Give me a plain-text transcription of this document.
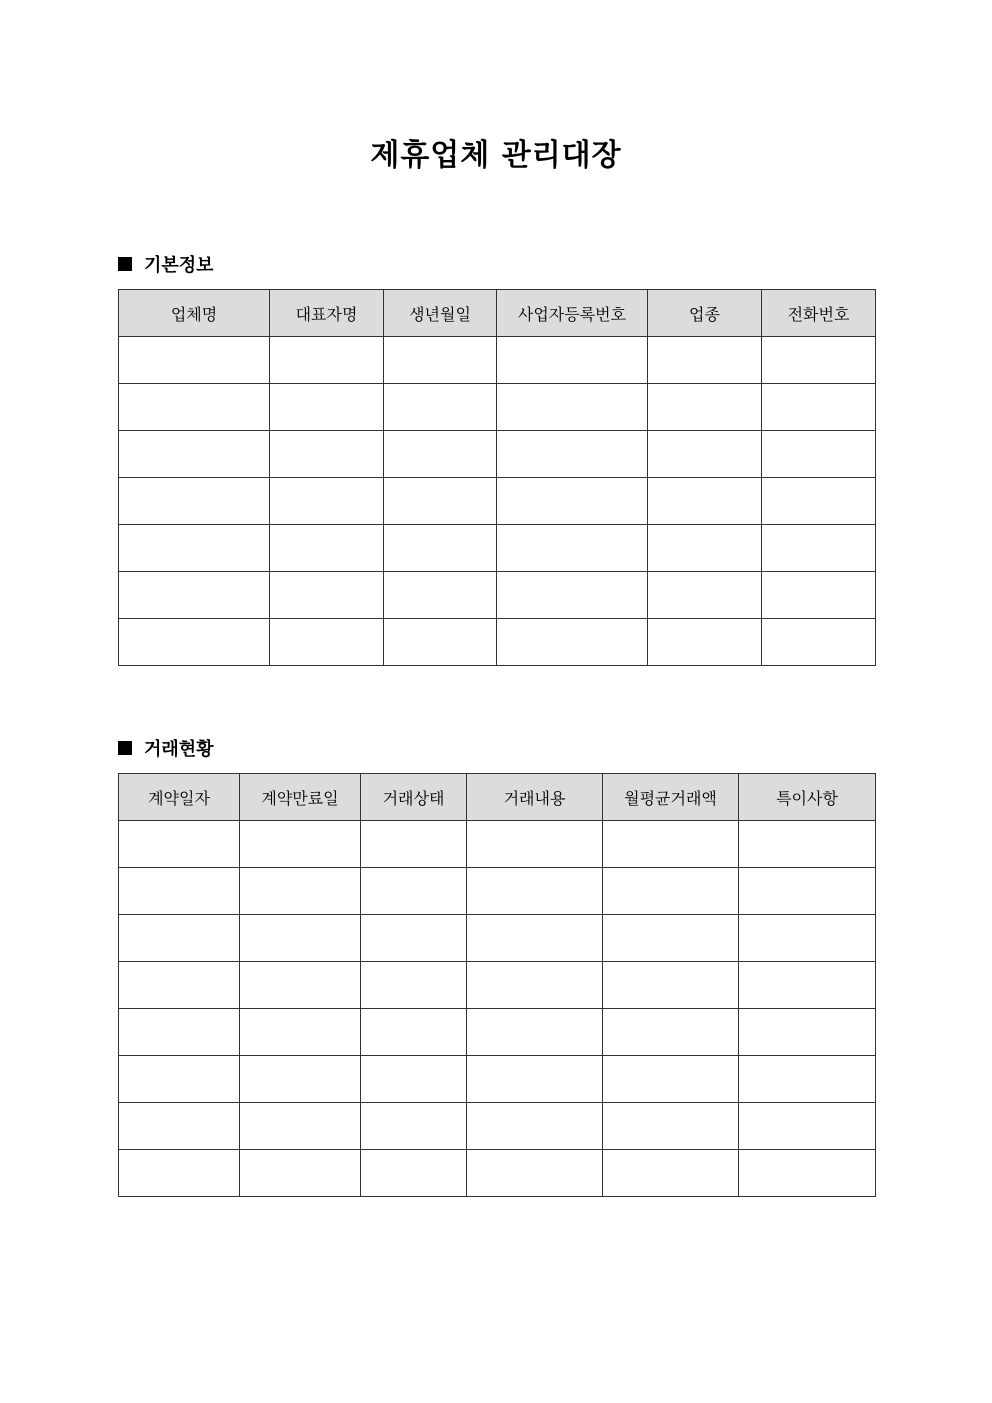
제휴업체 관리대장
기본정보
업체명	대표자명	생년월일	사업자등록번호	업종	전화번호

거래현황
계약일자	계약만료일	거래상태	거래내용	월평균거래액	특이사항
